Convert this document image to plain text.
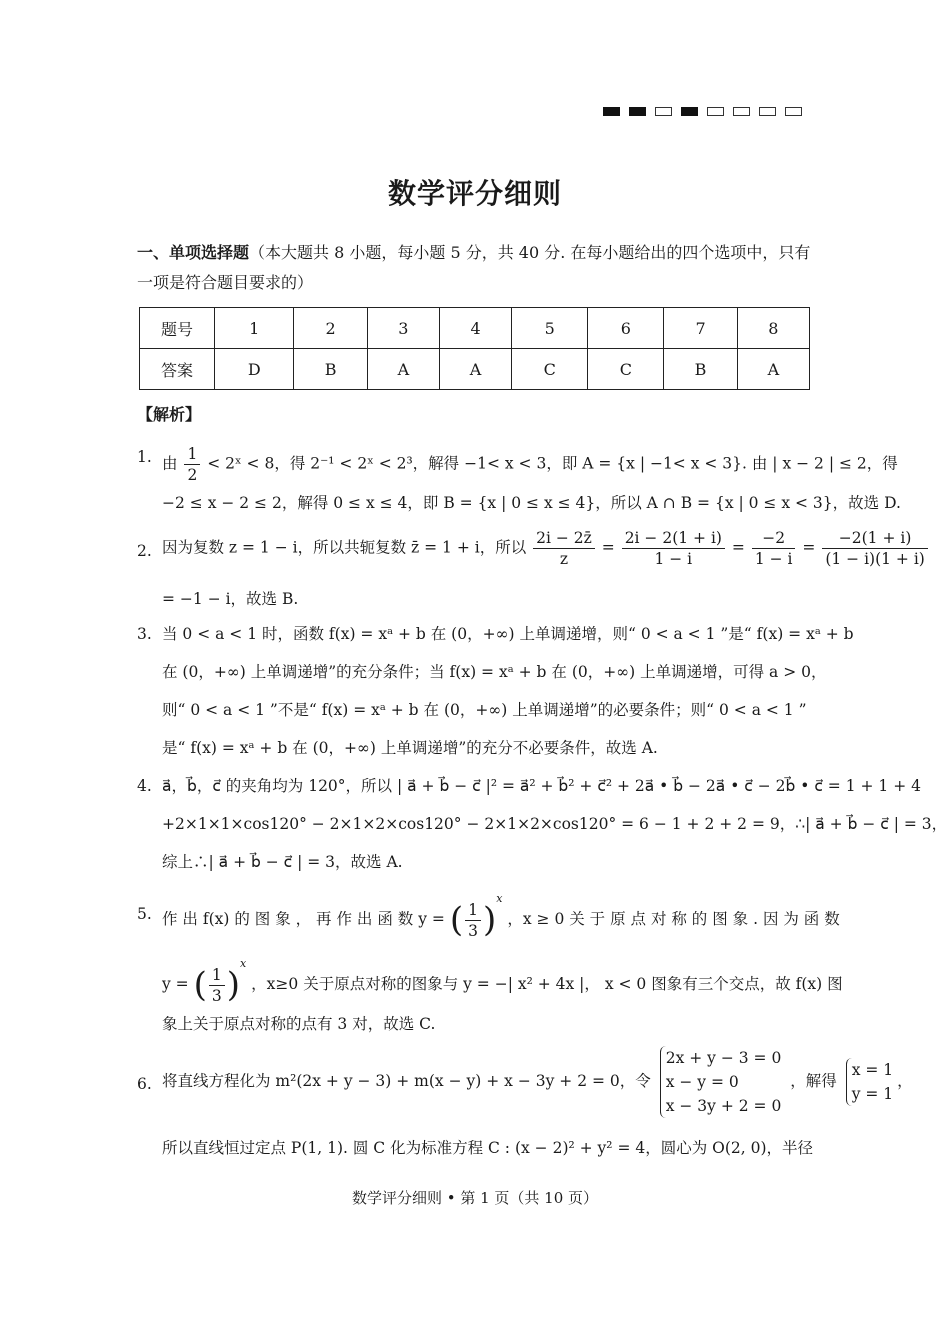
数学评分细则
一、单项选择题（本大题共 8 小题，每小题 5 分，共 40 分. 在每小题给出的四个选项中，只有一项是符合题目要求的）
题号	1	2	3	4	5	6	7	8
答案	D	B	A	A	C	C	B	A
【解析】
1. 由 $\frac{1}{2}$ < 2ˣ < 8，得 2⁻¹ < 2ˣ < 2³，解得 −1< x < 3，即 A = {x | −1< x < 3}. 由 | x − 2 | ≤ 2，得
−2 ≤ x − 2 ≤ 2，解得 0 ≤ x ≤ 4，即 B = {x | 0 ≤ x ≤ 4}，所以 A ∩ B = {x | 0 ≤ x < 3}，故选 D.
2. 因为复数 z = 1 − i，所以共轭复数 z̄ = 1 + i，所以 $\frac{2i - 2z̄}{z} = \frac{2i - 2(1 + i)}{1 - i} = \frac{-2}{1 - i} = \frac{-2(1 + i)}{(1 - i)(1 + i)}$
= −1 − i，故选 B.
3. 当 0 < a < 1 时，函数 f(x) = xᵃ + b 在 (0，+∞) 上单调递增，则“ 0 < a < 1 ”是“ f(x) = xᵃ + b
在 (0，+∞) 上单调递增”的充分条件；当 f(x) = xᵃ + b 在 (0，+∞) 上单调递增，可得 a > 0，
则“ 0 < a < 1 ”不是“ f(x) = xᵃ + b 在 (0，+∞) 上单调递增”的必要条件；则“ 0 < a < 1 ”
是“ f(x) = xᵃ + b 在 (0，+∞) 上单调递增”的充分不必要条件，故选 A.
4. a⃗，b⃗，c⃗ 的夹角均为 120°，所以 | a⃗ + b⃗ − c⃗ |² = a⃗² + b⃗² + c⃗² + 2a⃗ • b⃗ − 2a⃗ • c⃗ − 2b⃗ • c⃗ = 1 + 1 + 4
+2×1×1×cos120° − 2×1×2×cos120° − 2×1×2×cos120° = 6 − 1 + 2 + 2 = 9，∴| a⃗ + b⃗ − c⃗ | = 3，
综上∴| a⃗ + b⃗ − c⃗ | = 3，故选 A.
5. 作 出 f(x) 的 图 象 ， 再 作 出 函 数 y = ( $\frac{1}{3} )^x$ ，x ≥ 0 关 于 原 点 对 称 的 图 象 . 因 为 函 数
y = ( $\frac{1}{3} )^x$ ，x≥0 关于原点对称的图象与 y = −| x² + 4x |， x < 0 图象有三个交点，故 f(x) 图
象上关于原点对称的点有 3 对，故选 C.
6. 将直线方程化为 m²(2x + y − 3) + m(x − y) + x − 3y + 2 = 0，令
2x + y − 3 = 0
x − y = 0
x − 3y + 2 = 0
，解得
x = 1
y = 1
，
所以直线恒过定点 P(1, 1). 圆 C 化为标准方程 C : (x − 2)² + y² = 4，圆心为 O(2, 0)，半径
数学评分细则 • 第 1 页（共 10 页）
